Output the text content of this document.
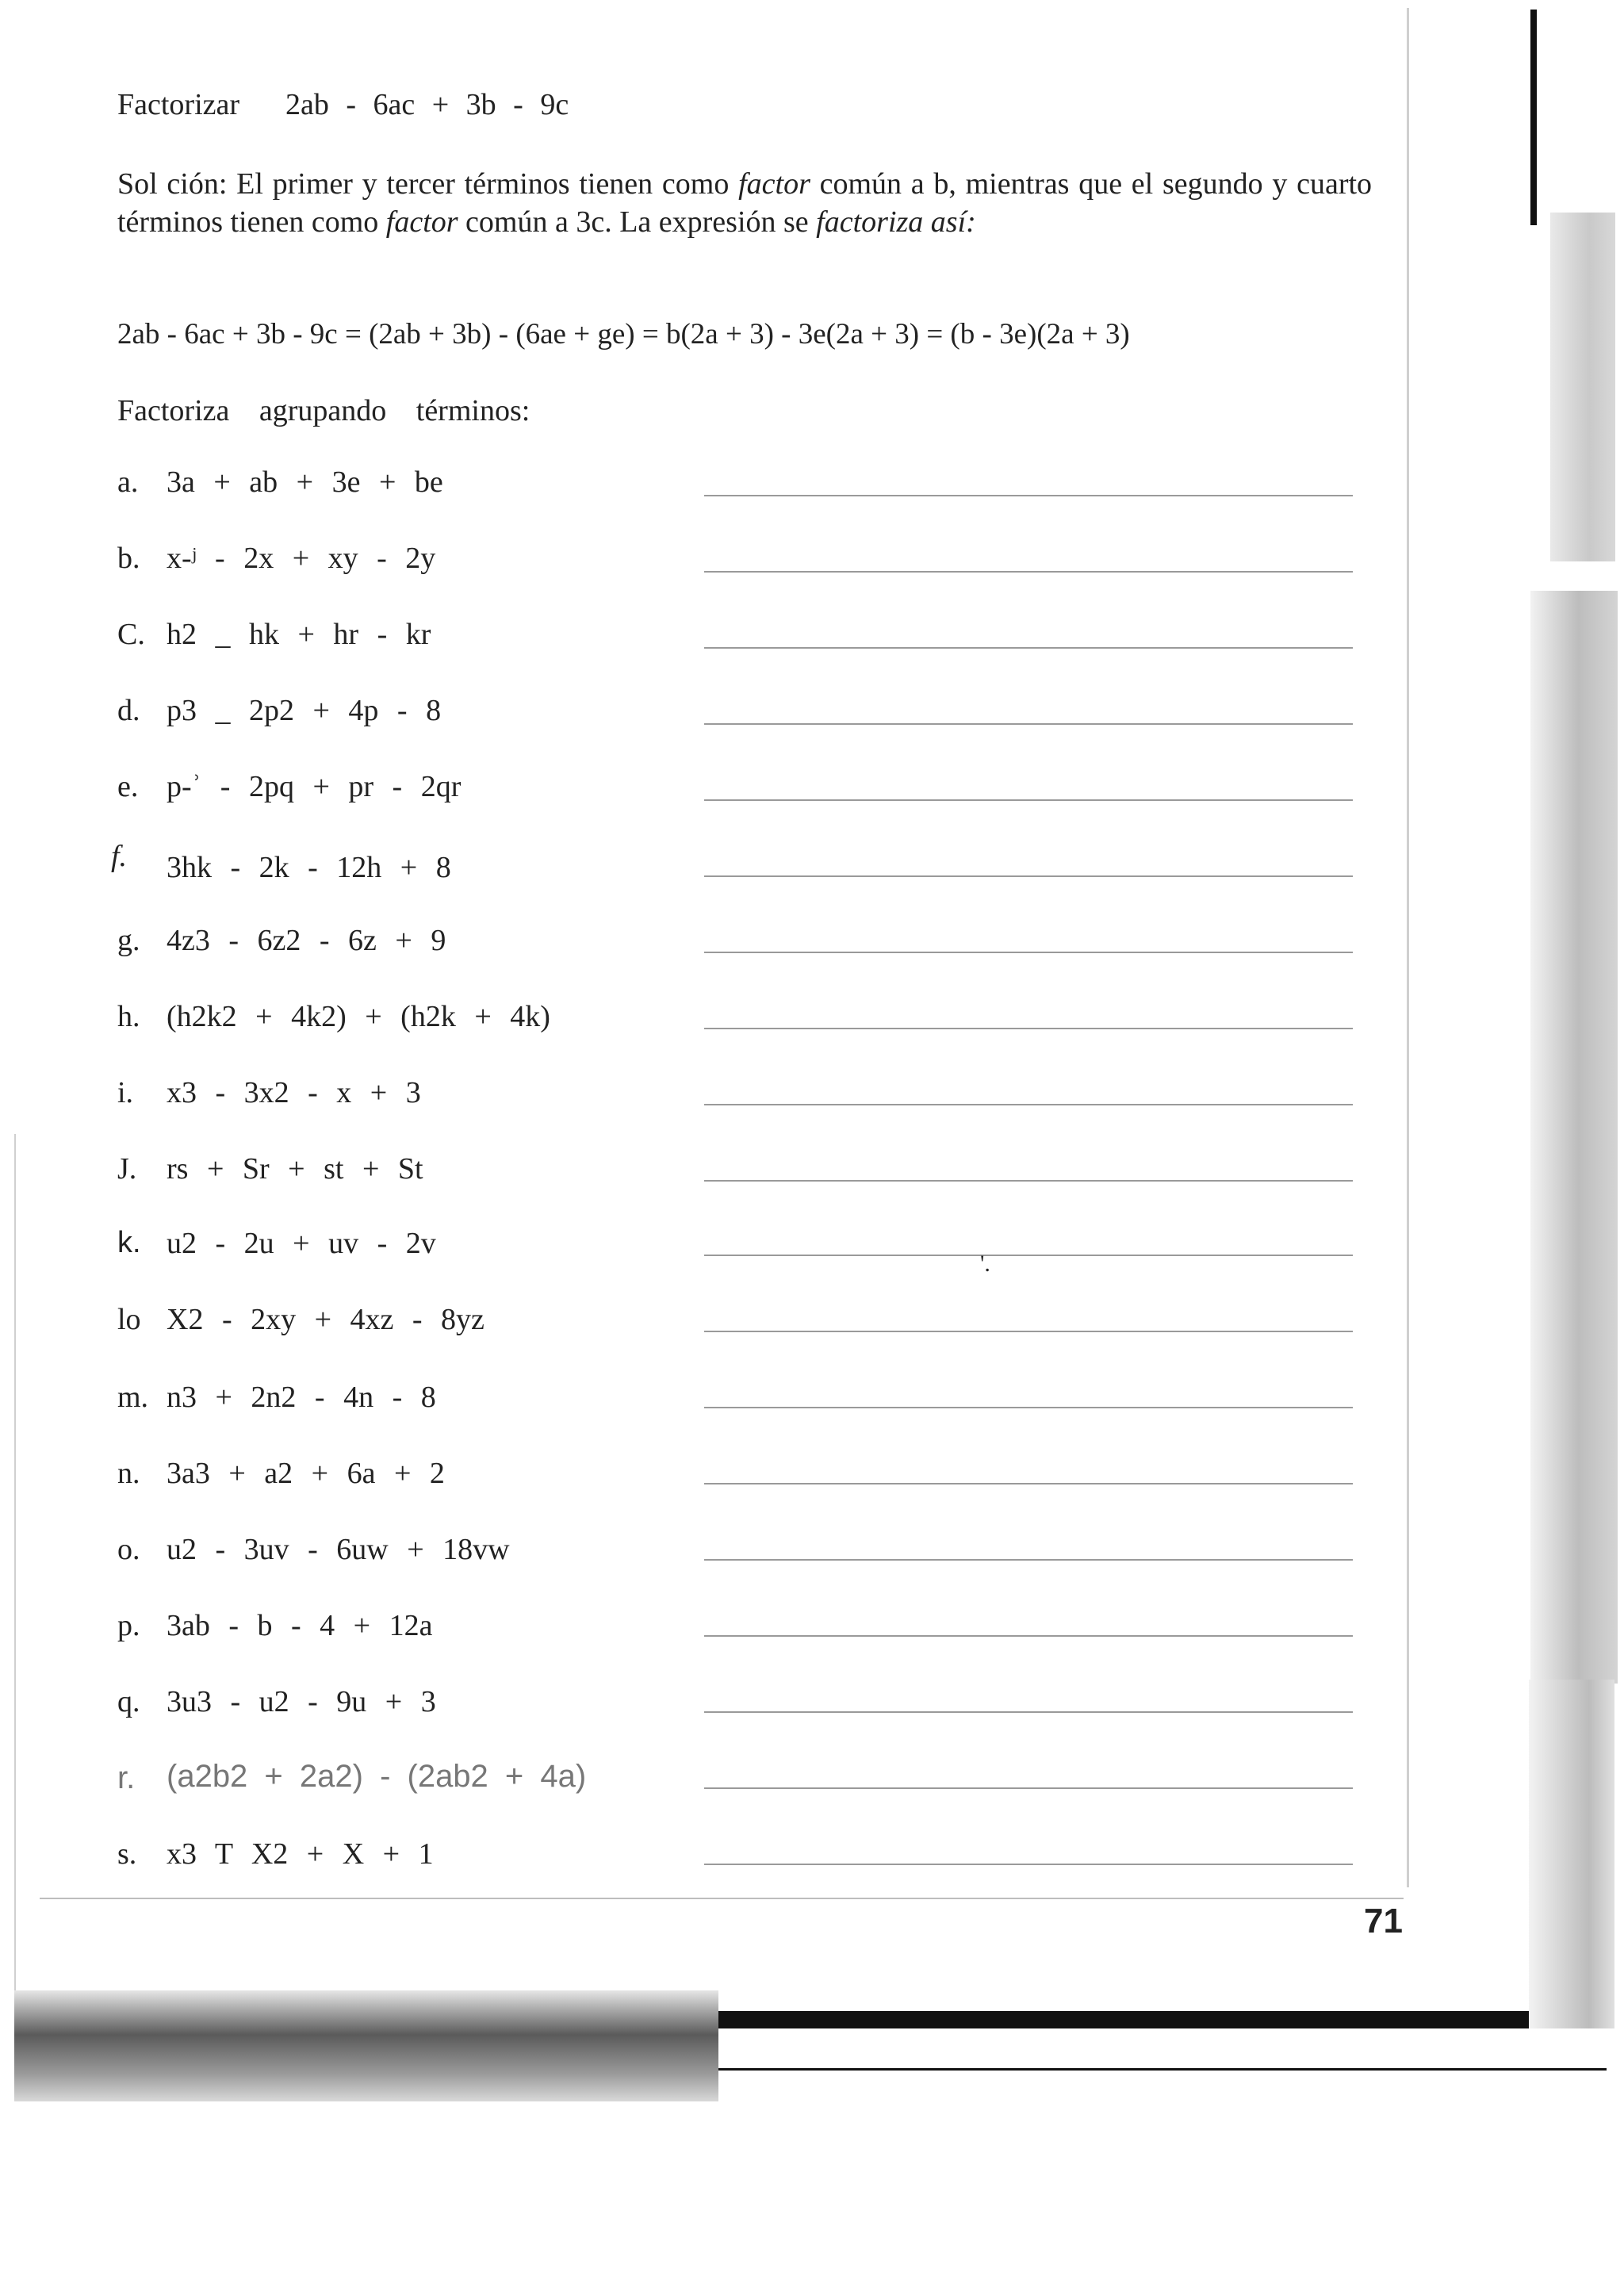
Factorizar 2ab - 6ac + 3b - 9c
Sol ción: El primer y tercer términos tienen como factor común a b, mientras que el segundo y cuarto términos tienen como factor común a 3c. La expresión se factoriza así:
2ab - 6ac + 3b - 9c = (2ab + 3b) - (6ae + ge) = b(2a + 3) - 3e(2a + 3) = (b - 3e)(2a + 3)
Factoriza agrupando términos:
a. 3a + ab + 3e + be
b. x-ʲ - 2x + xy - 2y
C. h2 _ hk + hr - kr
d. p3 _ 2p2 + 4p - 8
e. p-ʾ - 2pq + pr - 2qr
f. 3hk - 2k - 12h + 8
g. 4z3 - 6z2 - 6z + 9
h. (h2k2 + 4k2) + (h2k + 4k)
i. x3 - 3x2 - x + 3
J. rs + Sr + st + St
k. u2 - 2u + uv - 2v
lo X2 - 2xy + 4xz - 8yz
m. n3 + 2n2 - 4n - 8
n. 3a3 + a2 + 6a + 2
o. u2 - 3uv - 6uw + 18vw
p. 3ab - b - 4 + 12a
q. 3u3 - u2 - 9u + 3
r. (a2b2 + 2a2) - (2ab2 + 4a)
s. x3 T X2 + X + 1
'.
71
